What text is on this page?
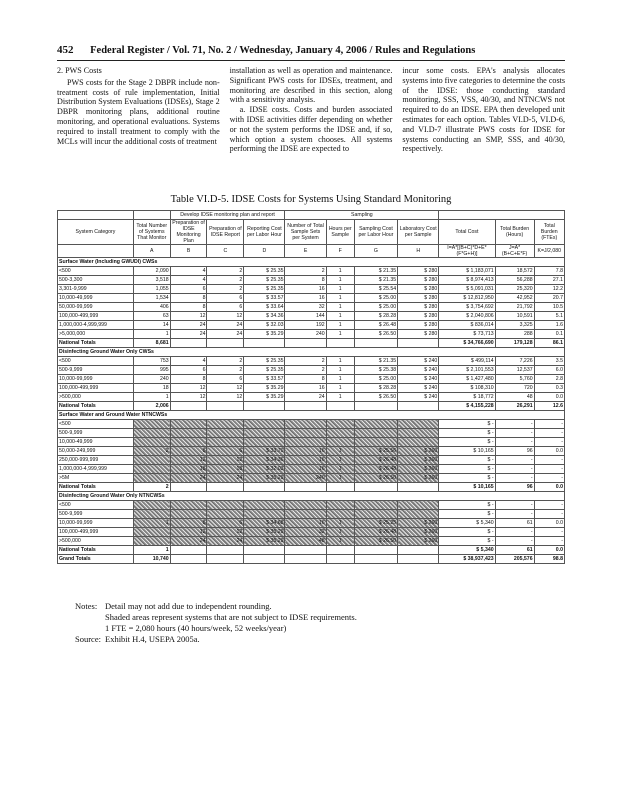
452 Federal Register / Vol. 71, No. 2 / Wednesday, January 4, 2006 / Rules and Regulations

2. PWS Costs

PWS costs for the Stage 2 DBPR include non-treatment costs of rule implementation, Initial Distribution System Evaluations (IDSEs), Stage 2 DBPR monitoring plans, additional routine monitoring, and operational evaluations. Systems required to install treatment to comply with the MCLs will incur the additional costs of treatment

installation as well as operation and maintenance. Significant PWS costs for IDSEs, treatment, and monitoring are described in this section, along with a sensitivity analysis.

a. IDSE costs. Costs and burden associated with IDSE activities differ depending on whether or not the system performs the IDSE and, if so, which option a system chooses. All systems performing the IDSE are expected to

incur some costs. EPA's analysis allocates systems into five categories to determine the costs of the IDSE: those conducting standard monitoring, SSS, VSS, 40/30, and NTNCWS not required to do an IDSE. EPA then developed unit estimates for each option. Tables VI.D-5, VI.D-6, and VI.D-7 illustrate PWS costs for IDSE for systems conducting an SMP, SSS, and 40/30, respectively.

Table VI.D-5. IDSE Costs for Systems Using Standard Monitoring
		Develop IDSE monitoring plan and report			Sampling						
System Category	Total Number of Systems That Monitor	Preparation of IDSE Monitoring Plan	Preparation of IDSE Report	Reporting Cost per Labor Hour	Number of Total Sample Sets per System	Hours per Sample	Sampling Cost per Labor Hour	Laboratory Cost per Sample	Total Cost	Total Burden (Hours)	Total Burden (FTEs)
	A	B	C	D	E	F	G	H	I=A*[(B+C)*D+E*(F*G+H)]	J=A*(B+C+E*F)	K=J/2,080
Surface Water (Including GWUDI) CWSs											
<500	2,090	4	2	$ 25.35	2	1	$ 21.35	$ 280	$ 1,183,071	18,572	7.8
500-3,300	3,518	4	2	$ 25.35	8	1	$ 21.35	$ 280	$ 8,974,413	56,288	27.1
3,301-9,999	1,055	6	2	$ 25.35	16	1	$ 25.54	$ 280	$ 5,091,031	25,320	12.2
10,000-49,999	1,534	8	6	$ 33.57	16	1	$ 25.00	$ 280	$ 12,812,950	42,952	20.7
50,000-99,999	406	8	6	$ 33.64	32	1	$ 25.00	$ 280	$ 3,754,692	21,792	10.5
100,000-499,999	63	12	12	$ 34.36	144	1	$ 28.28	$ 280	$ 2,040,806	10,591	5.1
1,000,000-4,999,999	14	24	24	$ 32.03	192	1	$ 26.48	$ 280	$ 836,014	3,325	1.6
>5,000,000	1	24	24	$ 35.29	240	1	$ 26.50	$ 280	$ 73,713	288	0.1
National Totals	8,681								$ 34,766,690	179,128	86.1
Disinfecting Ground Water Only CWSs											
<500	753	4	2	$ 25.35	2	1	$ 21.35	$ 240	$ 499,114	7,226	3.5
500-9,999	995	6	2	$ 25.35	2	1	$ 25.38	$ 240	$ 2,101,553	12,537	6.0
10,000-99,999	240	8	6	$ 33.57	8	1	$ 25.00	$ 240	$ 1,427,480	5,760	2.8
100,000-499,999	18	12	12	$ 35.29	16	1	$ 28.28	$ 240	$ 108,310	720	0.3
>500,000	1	12	12	$ 35.29	24	1	$ 26.50	$ 240	$ 18,772	48	0.0
National Totals	2,006								$ 4,155,228	26,291	12.6
Surface Water and Ground Water NTNCWSs											
<500									$ -	-	-
500-9,999									$ -	-	-
10,000-49,999									$ -	-	-
50,000-249,999	2	8	6	$ 33.70	16	1	$ 25.56	$ 260	$ 10,165	96	0.0
250,000-999,999		12	12	$ 34.36	16	1	$ 26.48	$ 260	$ -	-	-
1,000,000-4,999,999		18	18	$ 32.03	16	1	$ 26.48	$ 260	$ -	-	-
>5M		24	24	$ 35.29	240	1	$ 26.50	$ 260	$ -	-	-
National Totals	2								$ 10,165	96	0.0
Disinfecting Ground Water Only NTNCWSs											
<500									$ -	-	-
500-9,999									$ -	-	-
10,000-99,999	1	8	6	$ 34.68	16	1	$ 25.25	$ 260	$ 5,340	61	0.0
100,000-499,999		12	12	$ 35.29	32	1	$ 26.48	$ 260	$ -	-	-
>500,000		24	24	$ 35.29	48	1	$ 26.50	$ 260	$ -	-	-
National Totals	1								$ 5,340	61	0.0
Grand Totals	10,740								$ 38,937,423	205,576	98.8
Notes: Detail may not add due to independent rounding.
Shaded areas represent systems that are not subject to IDSE requirements.
1 FTE = 2,080 hours (40 hours/week, 52 weeks/year)
Source: Exhibit H.4, USEPA 2005a.
